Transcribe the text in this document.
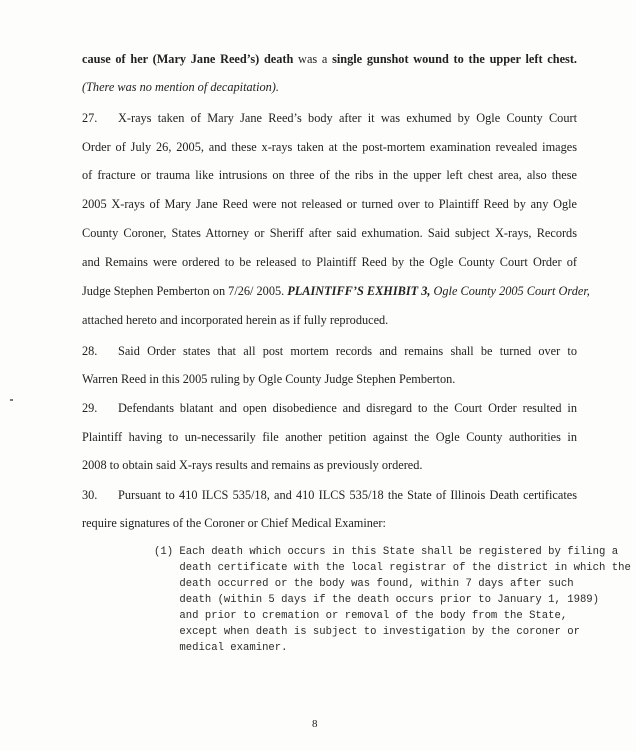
cause of her (Mary Jane Reed’s) death was a single gunshot wound to the upper left chest.
(There was no mention of decapitation).
27. X-rays taken of Mary Jane Reed’s body after it was exhumed by Ogle County Court
Order of July 26, 2005, and these x-rays taken at the post-mortem examination revealed images
of fracture or trauma like intrusions on three of the ribs in the upper left chest area, also these
2005 X-rays of Mary Jane Reed were not released or turned over to Plaintiff Reed by any Ogle
County Coroner, States Attorney or Sheriff after said exhumation. Said subject X-rays, Records
and Remains were ordered to be released to Plaintiff Reed by the Ogle County Court Order of
Judge Stephen Pemberton on 7/26/ 2005. PLAINTIFF’S EXHIBIT 3, Ogle County 2005 Court Order,
attached hereto and incorporated herein as if fully reproduced.
28. Said Order states that all post mortem records and remains shall be turned over to
Warren Reed in this 2005 ruling by Ogle County Judge Stephen Pemberton.
29. Defendants blatant and open disobedience and disregard to the Court Order resulted in
Plaintiff having to un-necessarily file another petition against the Ogle County authorities in
2008 to obtain said X-rays results and remains as previously ordered.
30. Pursuant to 410 ILCS 535/18, and 410 ILCS 535/18 the State of Illinois Death certificates
require signatures of the Coroner or Chief Medical Examiner:
(1) Each death which occurs in this State shall be registered by filing a
death certificate with the local registrar of the district in which the
death occurred or the body was found, within 7 days after such
death (within 5 days if the death occurs prior to January 1, 1989)
and prior to cremation or removal of the body from the State,
except when death is subject to investigation by the coroner or
medical examiner.
8
